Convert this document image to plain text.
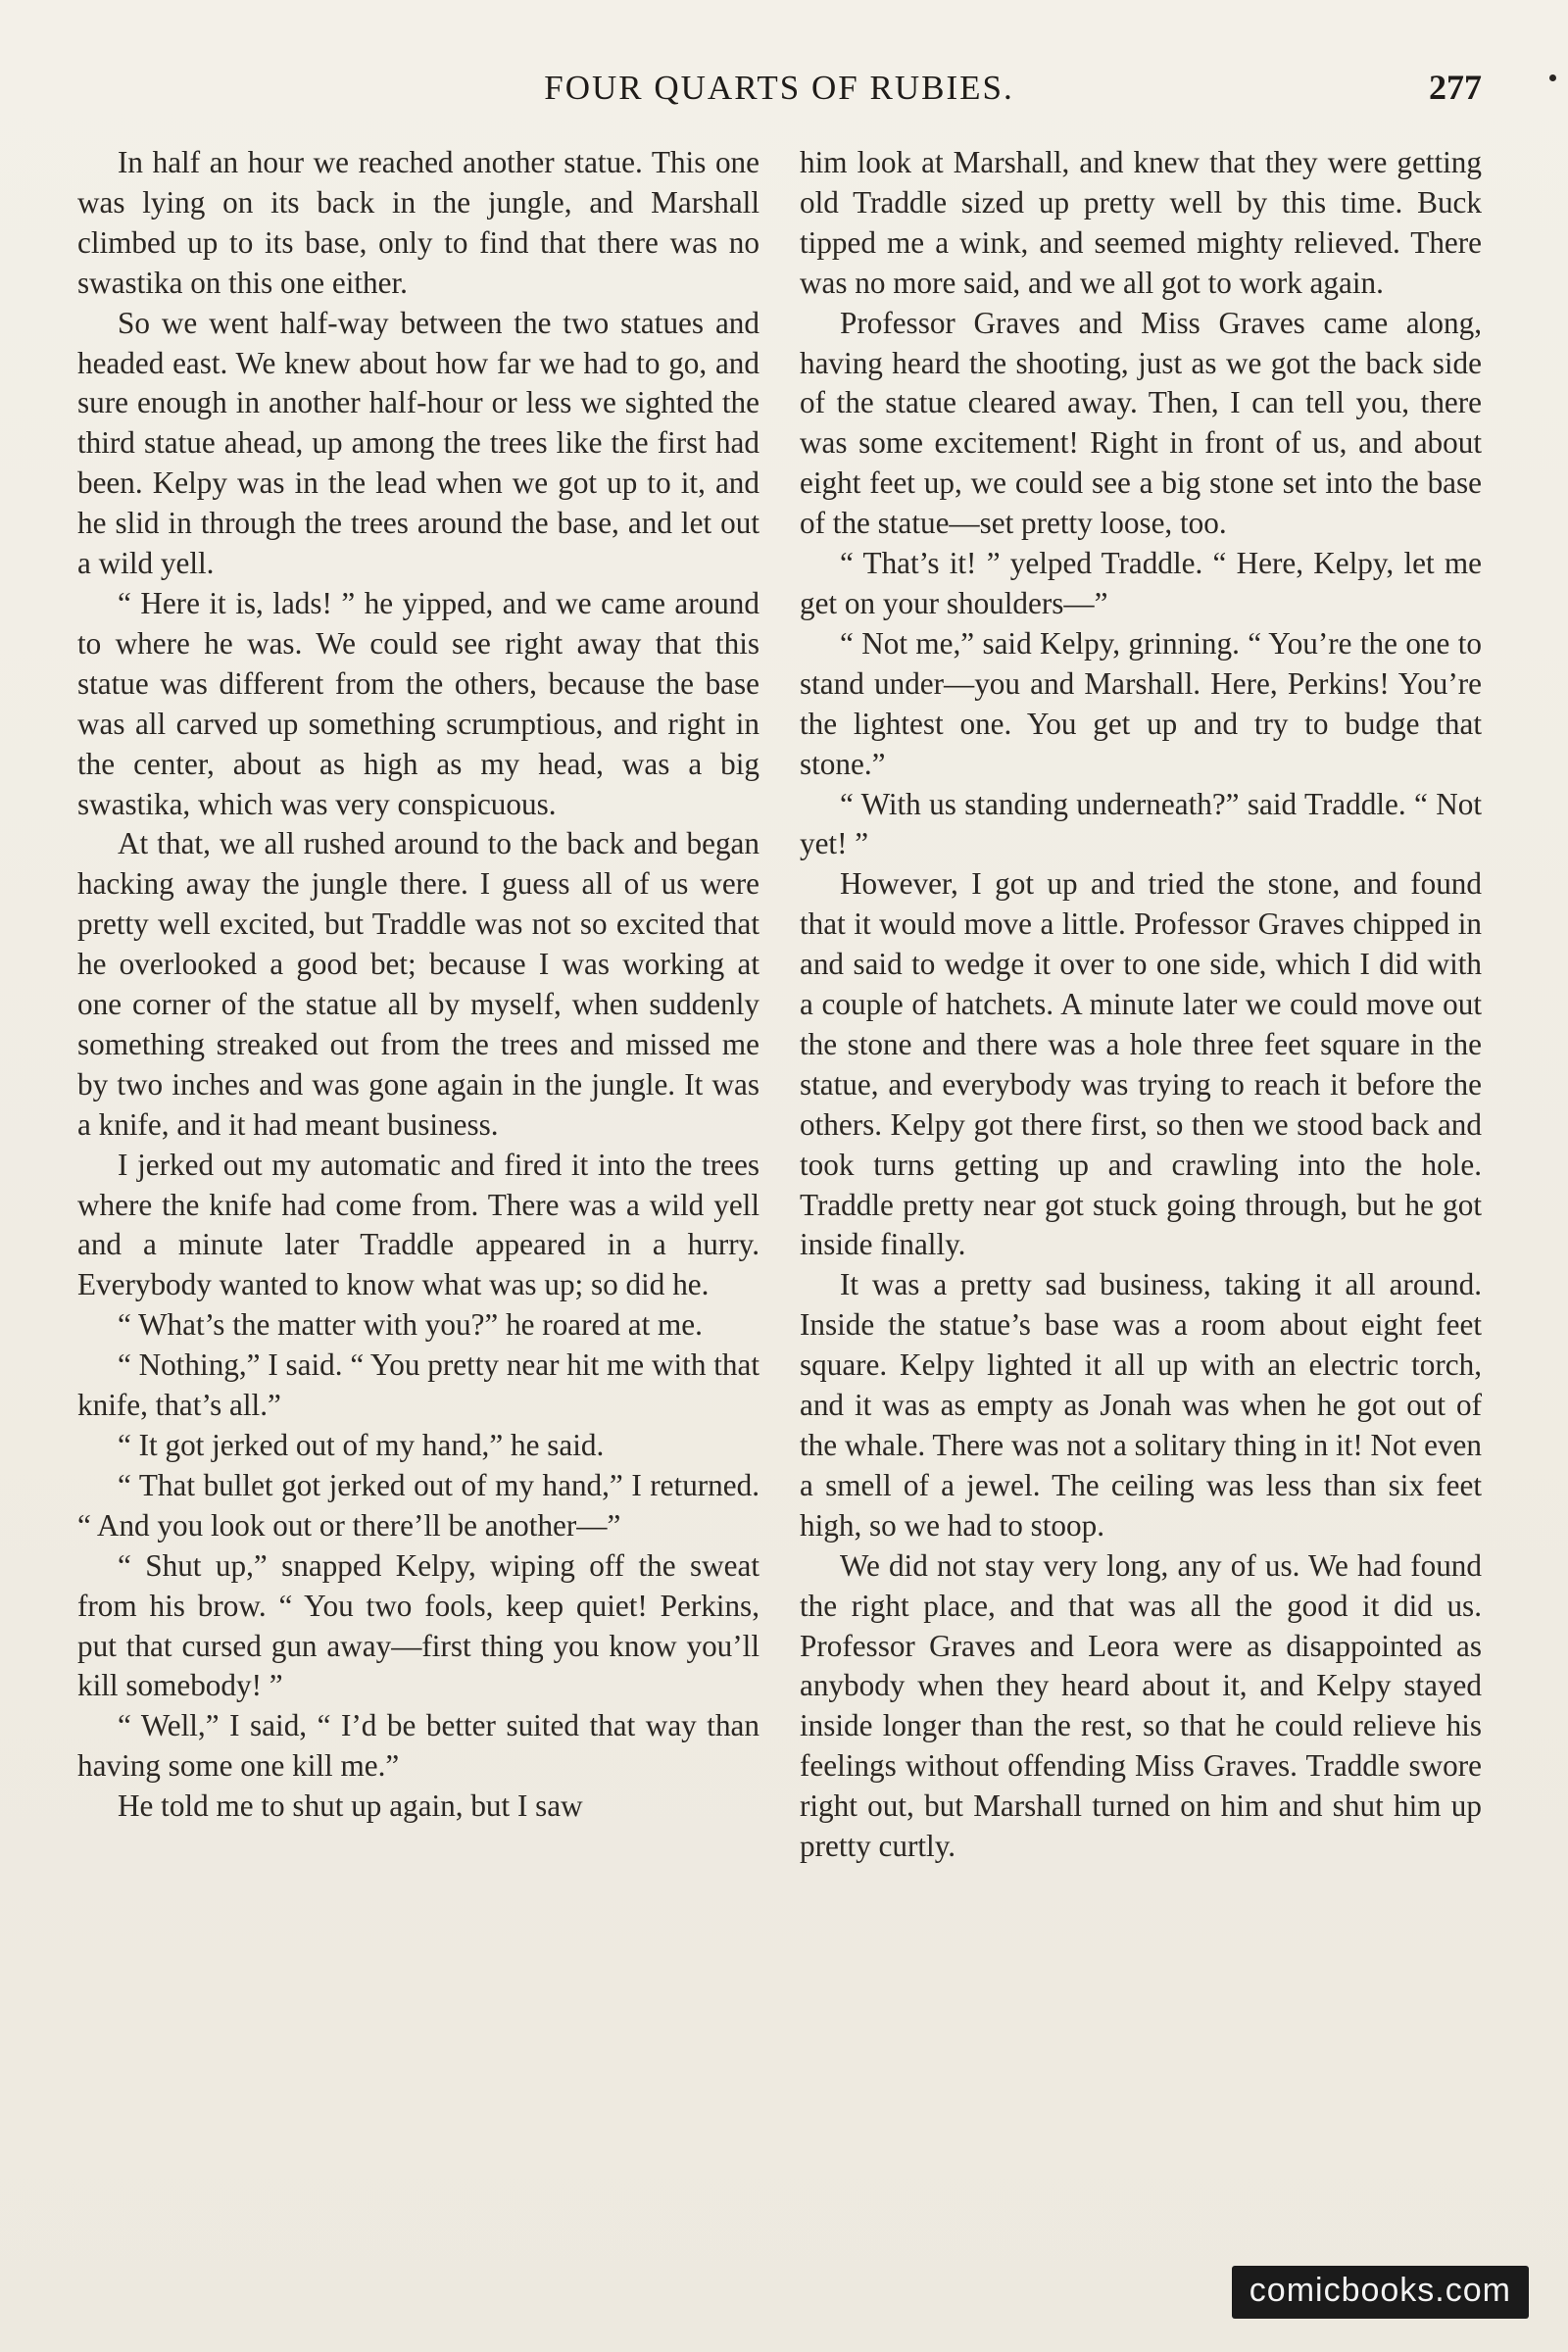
FOUR QUARTS OF RUBIES.	277

In half an hour we reached another statue. This one was lying on its back in the jungle, and Marshall climbed up to its base, only to find that there was no swastika on this one either.

So we went half-way between the two statues and headed east. We knew about how far we had to go, and sure enough in another half-hour or less we sighted the third statue ahead, up among the trees like the first had been. Kelpy was in the lead when we got up to it, and he slid in through the trees around the base, and let out a wild yell.

“ Here it is, lads! ” he yipped, and we came around to where he was. We could see right away that this statue was different from the others, because the base was all carved up something scrumptious, and right in the center, about as high as my head, was a big swastika, which was very conspicuous.

At that, we all rushed around to the back and began hacking away the jungle there. I guess all of us were pretty well excited, but Traddle was not so excited that he overlooked a good bet; because I was working at one corner of the statue all by myself, when suddenly something streaked out from the trees and missed me by two inches and was gone again in the jungle. It was a knife, and it had meant business.

I jerked out my automatic and fired it into the trees where the knife had come from. There was a wild yell and a minute later Traddle appeared in a hurry. Everybody wanted to know what was up; so did he.

“ What’s the matter with you?” he roared at me.

“ Nothing,” I said. “ You pretty near hit me with that knife, that’s all.”

“ It got jerked out of my hand,” he said.

“ That bullet got jerked out of my hand,” I returned. “ And you look out or there’ll be another—”

“ Shut up,” snapped Kelpy, wiping off the sweat from his brow. “ You two fools, keep quiet! Perkins, put that cursed gun away—first thing you know you’ll kill somebody! ”

“ Well,” I said, “ I’d be better suited that way than having some one kill me.”

He told me to shut up again, but I saw

him look at Marshall, and knew that they were getting old Traddle sized up pretty well by this time. Buck tipped me a wink, and seemed mighty relieved. There was no more said, and we all got to work again.

Professor Graves and Miss Graves came along, having heard the shooting, just as we got the back side of the statue cleared away. Then, I can tell you, there was some excitement! Right in front of us, and about eight feet up, we could see a big stone set into the base of the statue—set pretty loose, too.

“ That’s it! ” yelped Traddle. “ Here, Kelpy, let me get on your shoulders—”

“ Not me,” said Kelpy, grinning. “ You’re the one to stand under—you and Marshall. Here, Perkins! You’re the lightest one. You get up and try to budge that stone.”

“ With us standing underneath?” said Traddle. “ Not yet! ”

However, I got up and tried the stone, and found that it would move a little. Professor Graves chipped in and said to wedge it over to one side, which I did with a couple of hatchets. A minute later we could move out the stone and there was a hole three feet square in the statue, and everybody was trying to reach it before the others. Kelpy got there first, so then we stood back and took turns getting up and crawling into the hole. Traddle pretty near got stuck going through, but he got inside finally.

It was a pretty sad business, taking it all around. Inside the statue’s base was a room about eight feet square. Kelpy lighted it all up with an electric torch, and it was as empty as Jonah was when he got out of the whale. There was not a solitary thing in it! Not even a smell of a jewel. The ceiling was less than six feet high, so we had to stoop.

We did not stay very long, any of us. We had found the right place, and that was all the good it did us. Professor Graves and Leora were as disappointed as anybody when they heard about it, and Kelpy stayed inside longer than the rest, so that he could relieve his feelings without offending Miss Graves. Traddle swore right out, but Marshall turned on him and shut him up pretty curtly.

comicbooks.com
